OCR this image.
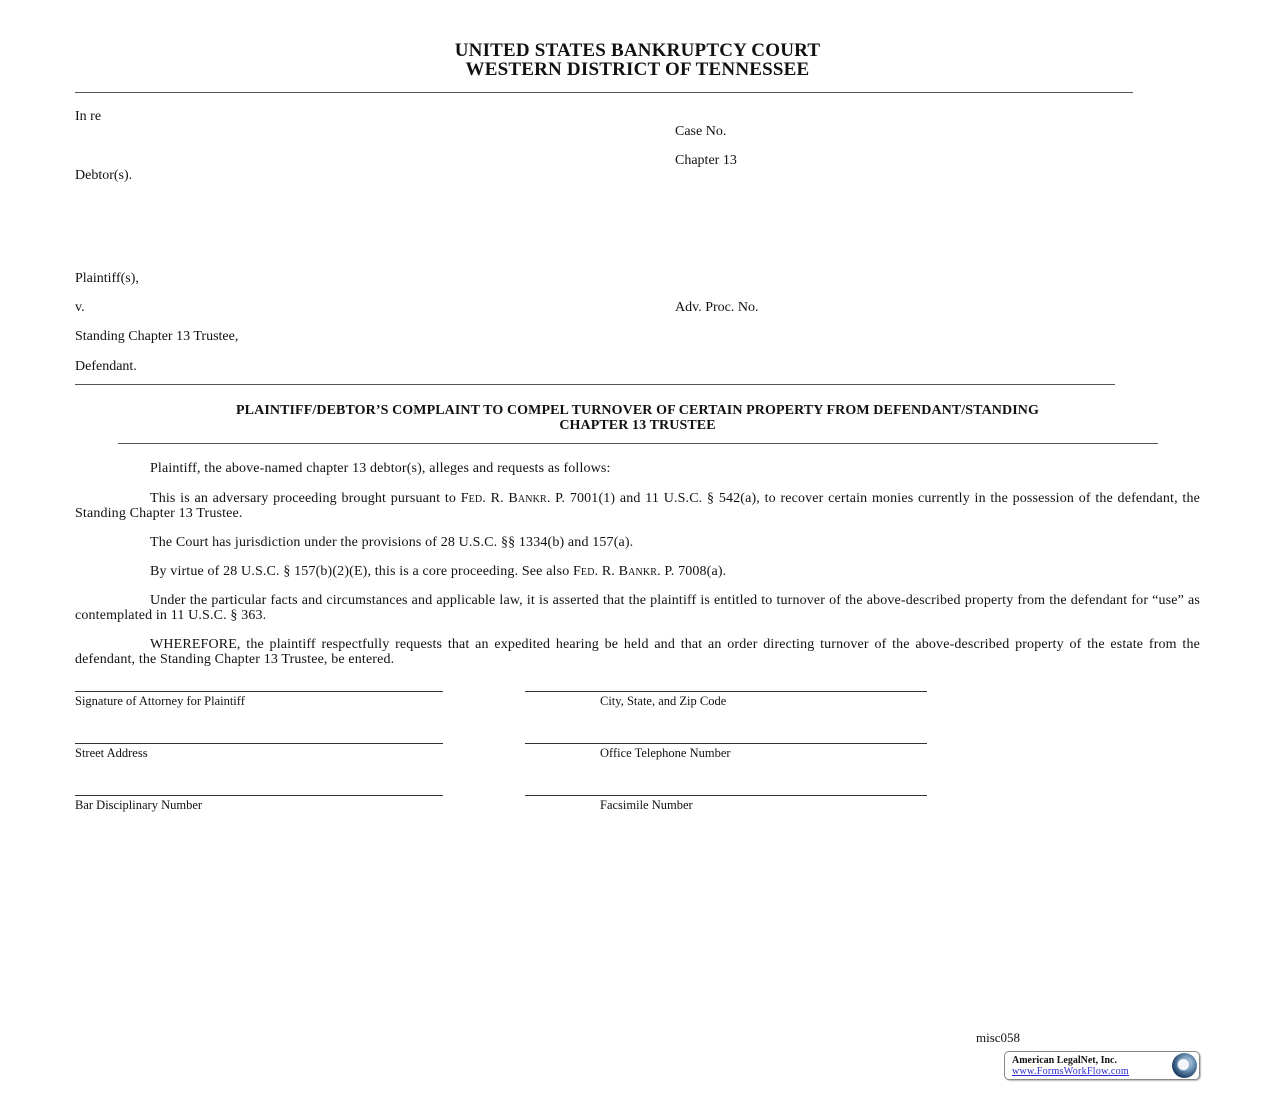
UNITED STATES BANKRUPTCY COURT
WESTERN DISTRICT OF TENNESSEE
In re
Case No.
Chapter 13
Debtor(s).
Plaintiff(s),
v.	Adv. Proc. No.
Standing Chapter 13 Trustee,
Defendant.
PLAINTIFF/DEBTOR’S COMPLAINT TO COMPEL TURNOVER OF CERTAIN PROPERTY FROM DEFENDANT/STANDING
CHAPTER 13 TRUSTEE
Plaintiff, the above-named chapter 13 debtor(s), alleges and requests as follows:
This is an adversary proceeding brought pursuant to Fed. R. Bankr. P. 7001(1) and 11 U.S.C. § 542(a), to recover certain monies currently in the possession of the defendant, the Standing Chapter 13 Trustee.
The Court has jurisdiction under the provisions of 28 U.S.C. §§ 1334(b) and 157(a).
By virtue of 28 U.S.C. § 157(b)(2)(E), this is a core proceeding. See also Fed. R. Bankr. P. 7008(a).
Under the particular facts and circumstances and applicable law, it is asserted that the plaintiff is entitled to turnover of the above-described property from the defendant for “use” as contemplated in 11 U.S.C. § 363.
WHEREFORE, the plaintiff respectfully requests that an expedited hearing be held and that an order directing turnover of the above-described property of the estate from the defendant, the Standing Chapter 13 Trustee, be entered.
Signature of Attorney for Plaintiff	City, State, and Zip Code
Street Address	Office Telephone Number
Bar Disciplinary Number	Facsimile Number
misc058
American LegalNet, Inc.
www.FormsWorkFlow.com
